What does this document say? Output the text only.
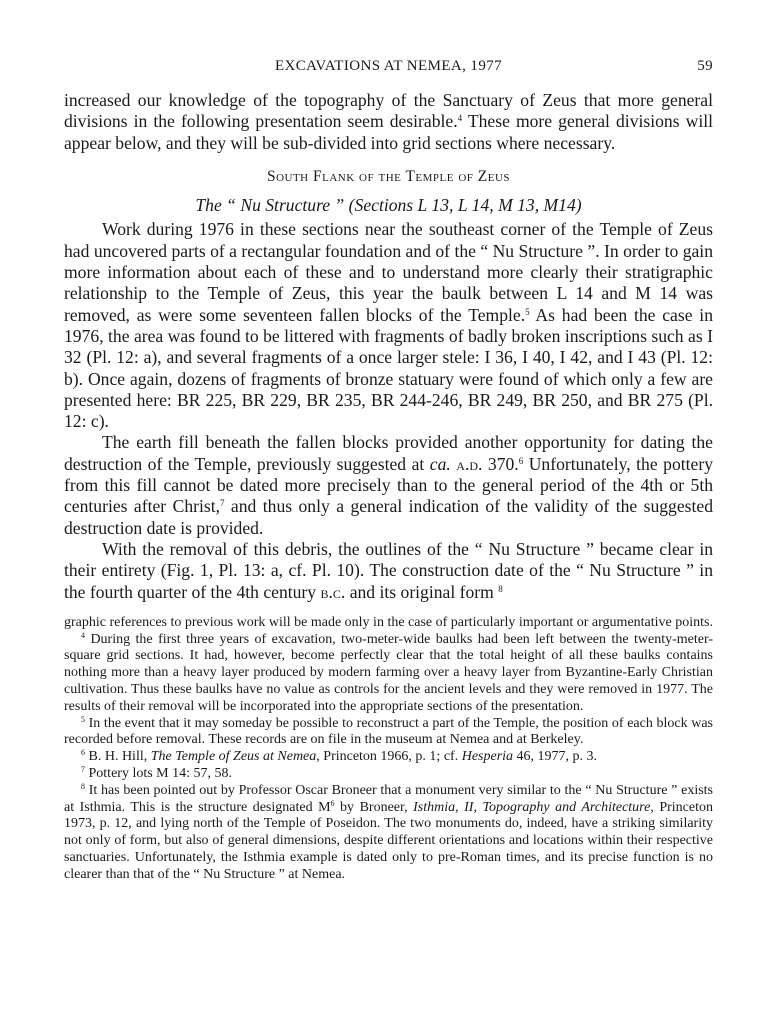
EXCAVATIONS AT NEMEA, 1977	59

increased our knowledge of the topography of the Sanctuary of Zeus that more general divisions in the following presentation seem desirable.$^4$ These more general divisions will appear below, and they will be sub-divided into grid sections where necessary.

South Flank of the Temple of Zeus
The “ Nu Structure ” (Sections L 13, L 14, M 13, M14)

Work during 1976 in these sections near the southeast corner of the Temple of Zeus had uncovered parts of a rectangular foundation and of the “ Nu Structure ”. In order to gain more information about each of these and to understand more clearly their stratigraphic relationship to the Temple of Zeus, this year the baulk between L 14 and M 14 was removed, as were some seventeen fallen blocks of the Temple.$^5$ As had been the case in 1976, the area was found to be littered with fragments of badly broken inscriptions such as I 32 (Pl. 12: a), and several fragments of a once larger stele: I 36, I 40, I 42, and I 43 (Pl. 12: b). Once again, dozens of fragments of bronze statuary were found of which only a few are presented here: BR 225, BR 229, BR 235, BR 244-246, BR 249, BR 250, and BR 275 (Pl. 12: c).

The earth fill beneath the fallen blocks provided another opportunity for dating the destruction of the Temple, previously suggested at ca. a.d. 370.$^6$ Unfortunately, the pottery from this fill cannot be dated more precisely than to the general period of the 4th or 5th centuries after Christ,$^7$ and thus only a general indication of the validity of the suggested destruction date is provided.

With the removal of this debris, the outlines of the “ Nu Structure ” became clear in their entirety (Fig. 1, Pl. 13: a, cf. Pl. 10). The construction date of the “ Nu Structure ” in the fourth quarter of the 4th century b.c. and its original form $^8$

graphic references to previous work will be made only in the case of particularly important or argumentative points.

$^4$ During the first three years of excavation, two-meter-wide baulks had been left between the twenty-meter-square grid sections. It had, however, become perfectly clear that the total height of all these baulks contains nothing more than a heavy layer produced by modern farming over a heavy layer from Byzantine-Early Christian cultivation. Thus these baulks have no value as controls for the ancient levels and they were removed in 1977. The results of their removal will be incorporated into the appropriate sections of the presentation.

$^5$ In the event that it may someday be possible to reconstruct a part of the Temple, the position of each block was recorded before removal. These records are on file in the museum at Nemea and at Berkeley.

$^6$ B. H. Hill, The Temple of Zeus at Nemea, Princeton 1966, p. 1; cf. Hesperia 46, 1977, p. 3.

$^7$ Pottery lots M 14: 57, 58.

$^8$ It has been pointed out by Professor Oscar Broneer that a monument very similar to the “ Nu Structure ” exists at Isthmia. This is the structure designated $M^6$ by Broneer, Isthmia, II, Topography and Architecture, Princeton 1973, p. 12, and lying north of the Temple of Poseidon. The two monuments do, indeed, have a striking similarity not only of form, but also of general dimensions, despite different orientations and locations within their respective sanctuaries. Unfortunately, the Isthmia example is dated only to pre-Roman times, and its precise function is no clearer than that of the “ Nu Structure ” at Nemea.
